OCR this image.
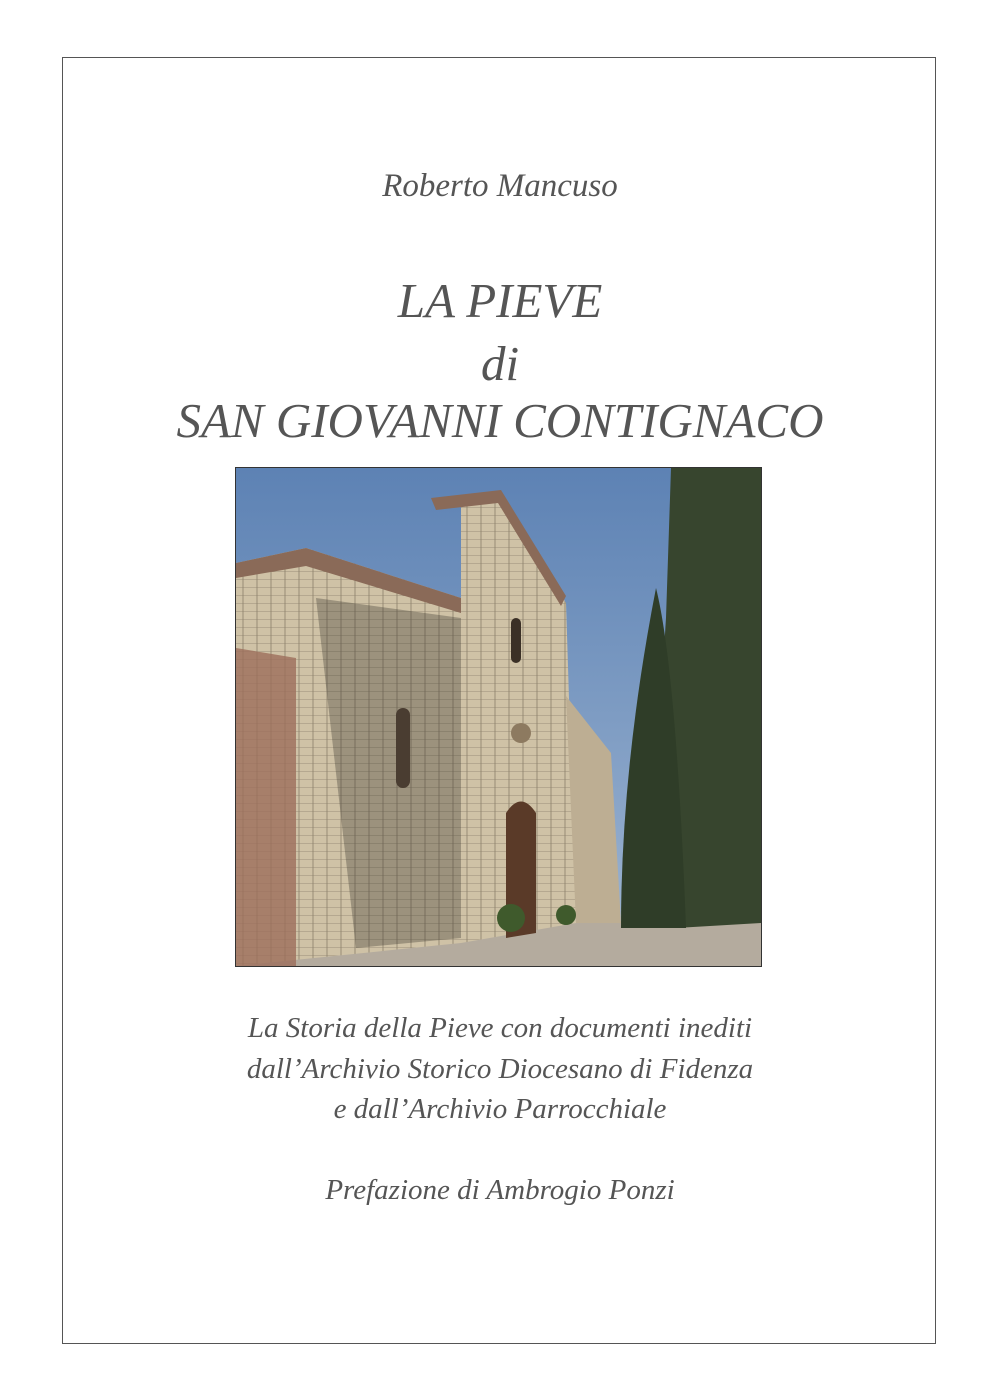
Roberto Mancuso
LA PIEVE
di
SAN GIOVANNI CONTIGNACO
La Storia della Pieve con documenti inediti
dall’Archivio Storico Diocesano di Fidenza
e dall’Archivio Parrocchiale
Prefazione di Ambrogio Ponzi
